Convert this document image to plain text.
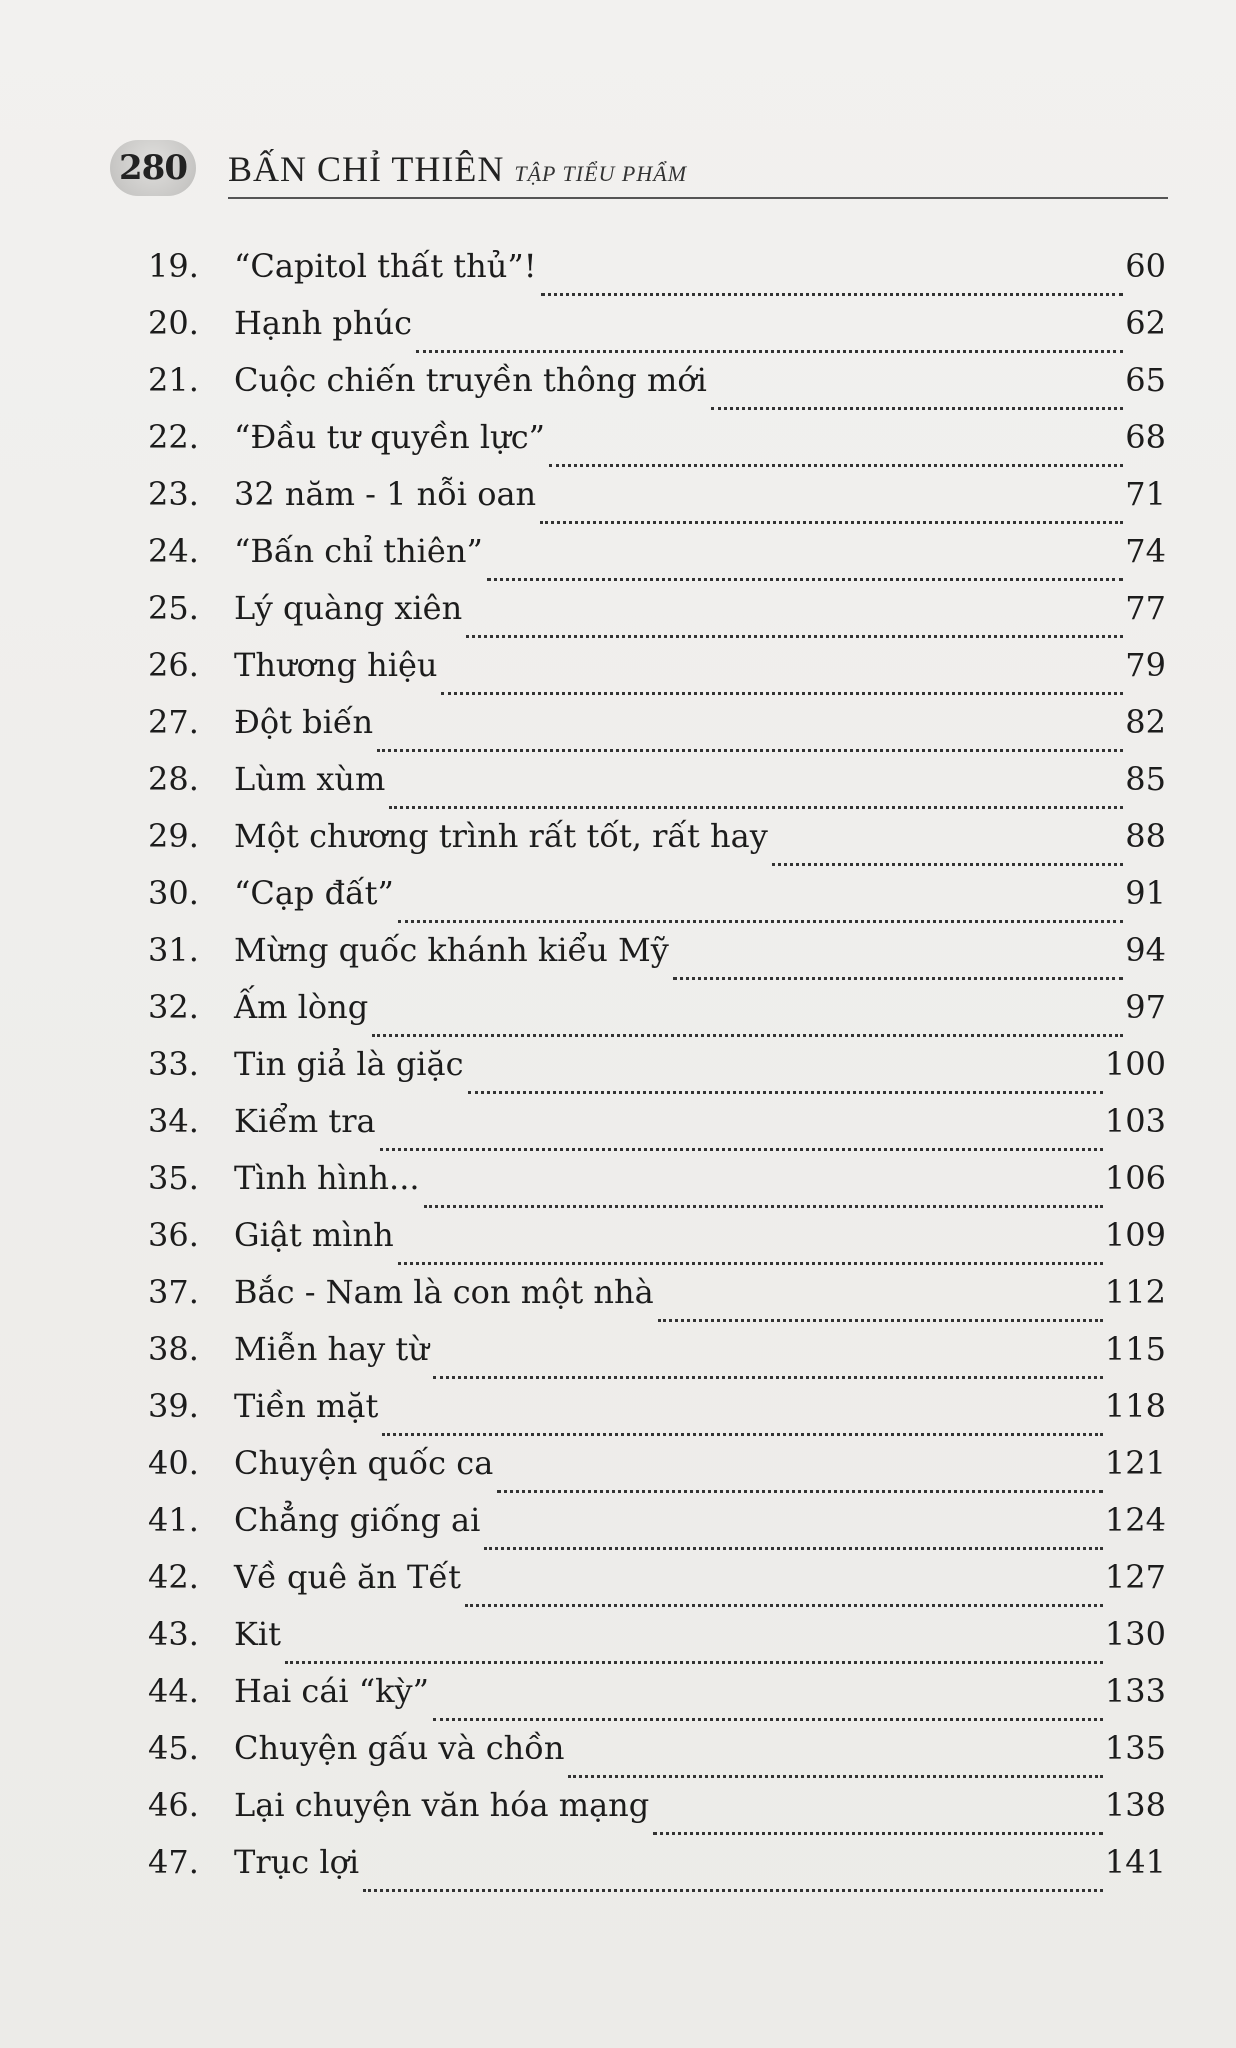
280 BẤN CHỈ THIÊN TẬP TIỂU PHẨM
19.	“Capitol thất thủ”!	60
20.	Hạnh phúc	62
21.	Cuộc chiến truyền thông mới	65
22.	“Đầu tư quyền lực”	68
23.	32 năm - 1 nỗi oan	71
24.	“Bấn chỉ thiên”	74
25.	Lý quàng xiên	77
26.	Thương hiệu	79
27.	Đột biến	82
28.	Lùm xùm	85
29.	Một chương trình rất tốt, rất hay	88
30.	“Cạp đất”	91
31.	Mừng quốc khánh kiểu Mỹ	94
32.	Ấm lòng	97
33.	Tin giả là giặc	100
34.	Kiểm tra	103
35.	Tình hình...	106
36.	Giật mình	109
37.	Bắc - Nam là con một nhà	112
38.	Miễn hay từ	115
39.	Tiền mặt	118
40.	Chuyện quốc ca	121
41.	Chẳng giống ai	124
42.	Về quê ăn Tết	127
43.	Kit	130
44.	Hai cái “kỳ”	133
45.	Chuyện gấu và chồn	135
46.	Lại chuyện văn hóa mạng	138
47.	Trục lợi	141
